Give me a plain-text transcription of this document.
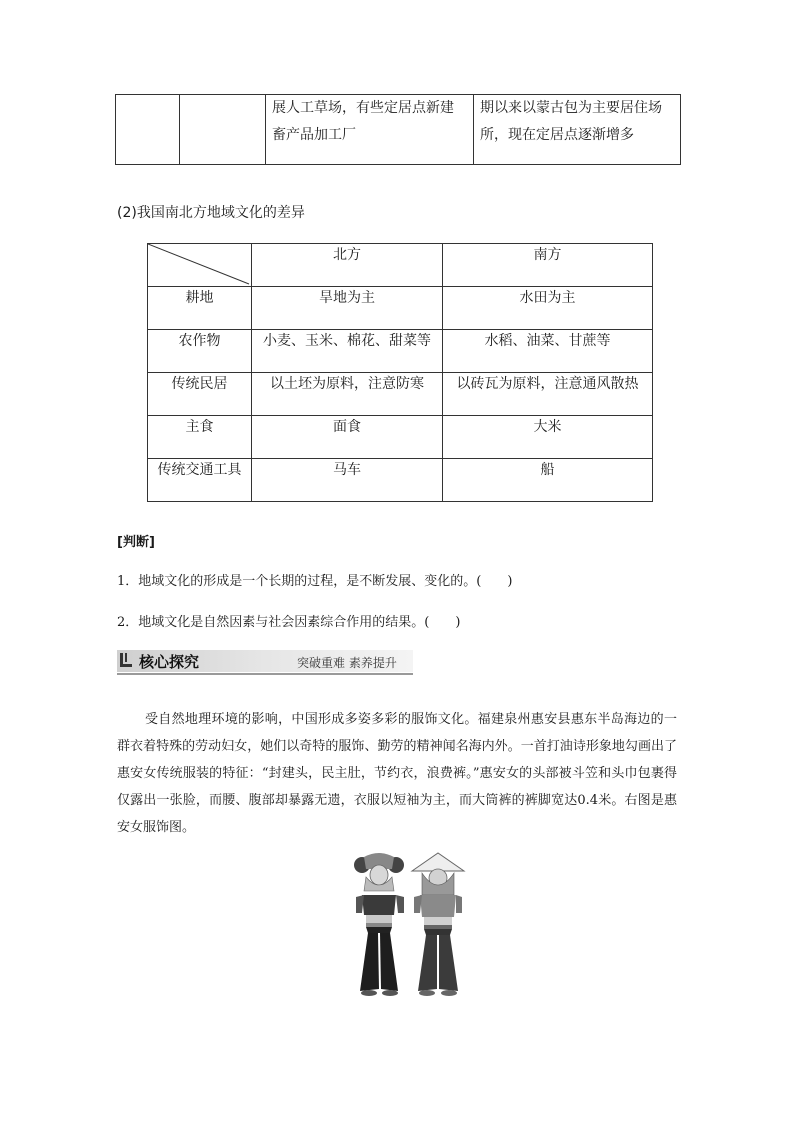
		展人工草场，有些定居点新建畜产品加工厂	期以来以蒙古包为主要居住场所，现在定居点逐渐增多
(2)我国南北方地域文化的差异
	北方	南方
耕地	旱地为主	水田为主
农作物	小麦、玉米、棉花、甜菜等	水稻、油菜、甘蔗等
传统民居	以土坯为原料，注意防寒	以砖瓦为原料，注意通风散热
主食	面食	大米
传统交通工具	马车	船
[判断]
1．地域文化的形成是一个长期的过程，是不断发展、变化的。(　　)
2．地域文化是自然因素与社会因素综合作用的结果。(　　)
核心探究	突破重难 素养提升
受自然地理环境的影响，中国形成多姿多彩的服饰文化。福建泉州惠安县惠东半岛海边的一群衣着特殊的劳动妇女，她们以奇特的服饰、勤劳的精神闻名海内外。一首打油诗形象地勾画出了惠安女传统服装的特征：“封建头，民主肚，节约衣，浪费裤。”惠安女的头部被斗笠和头巾包裹得仅露出一张脸，而腰、腹部却暴露无遗，衣服以短袖为主，而大筒裤的裤脚宽达0.4米。右图是惠安女服饰图。
